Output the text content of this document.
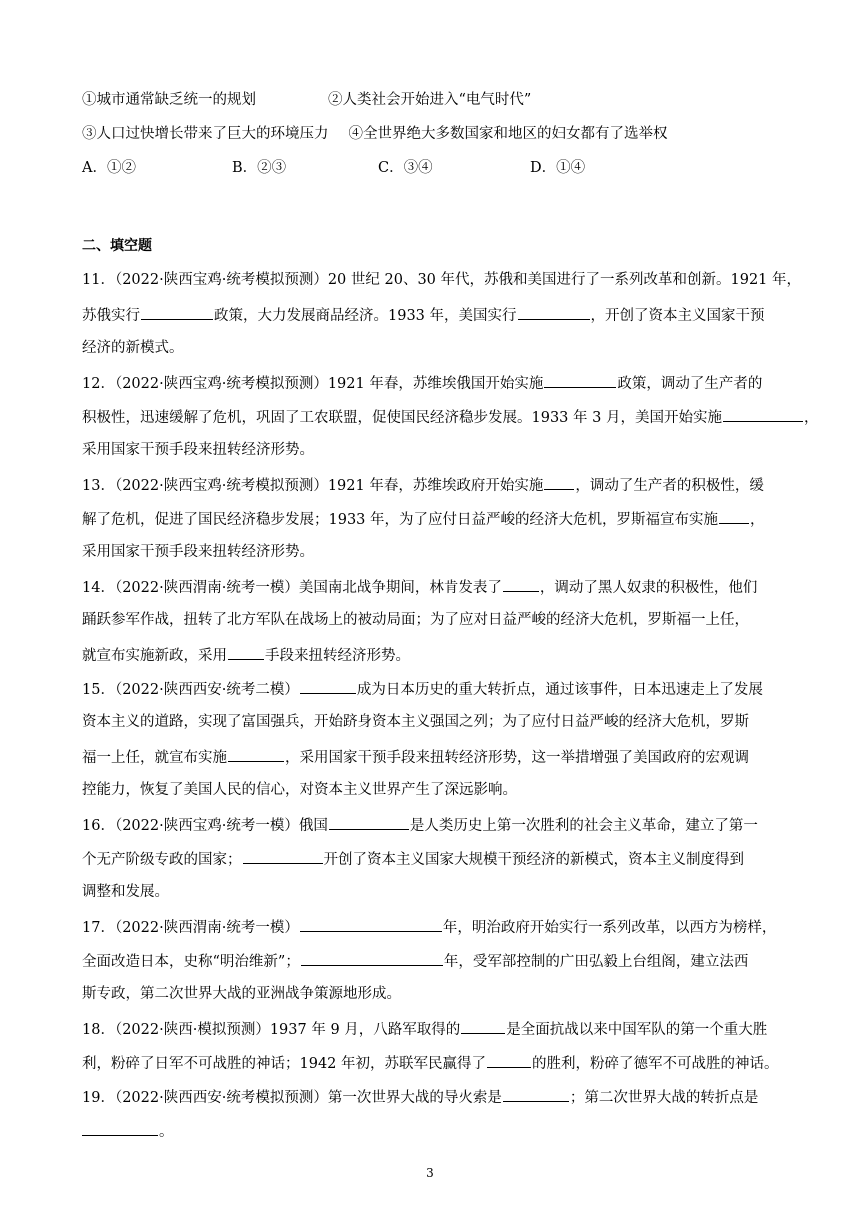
①城市通常缺乏统一的规划	②人类社会开始进入“电气时代”
③人口过快增长带来了巨大的环境压力 ④全世界绝大多数国家和地区的妇女都有了选举权
A．①②	B．②③	C．③④	D．①④
二、填空题
11．（2022·陕西宝鸡·统考模拟预测）20 世纪 20、30 年代，苏俄和美国进行了一系列改革和创新。1921 年，
苏俄实行	政策，大力发展商品经济。1933 年，美国实行	，开创了资本主义国家干预
经济的新模式。
12．（2022·陕西宝鸡·统考模拟预测）1921 年春，苏维埃俄国开始实施	政策，调动了生产者的
积极性，迅速缓解了危机，巩固了工农联盟，促使国民经济稳步发展。1933 年 3 月，美国开始实施	，
采用国家干预手段来扭转经济形势。
13．（2022·陕西宝鸡·统考模拟预测）1921 年春，苏维埃政府开始实施 ，调动了生产者的积极性，缓
解了危机，促进了国民经济稳步发展；1933 年，为了应付日益严峻的经济大危机，罗斯福宣布实施 ，
采用国家干预手段来扭转经济形势。
14．（2022·陕西渭南·统考一模）美国南北战争期间，林肯发表了	，调动了黑人奴隶的积极性，他们
踊跃参军作战，扭转了北方军队在战场上的被动局面；为了应对日益严峻的经济大危机，罗斯福一上任，
就宣布实施新政，采用	手段来扭转经济形势。
15．（2022·陕西西安·统考二模）	成为日本历史的重大转折点，通过该事件，日本迅速走上了发展
资本主义的道路，实现了富国强兵，开始跻身资本主义强国之列；为了应付日益严峻的经济大危机，罗斯
福一上任，就宣布实施	，采用国家干预手段来扭转经济形势，这一举措增强了美国政府的宏观调
控能力，恢复了美国人民的信心，对资本主义世界产生了深远影响。
16．（2022·陕西宝鸡·统考一模）俄国	是人类历史上第一次胜利的社会主义革命，建立了第一
个无产阶级专政的国家；	开创了资本主义国家大规模干预经济的新模式，资本主义制度得到
调整和发展。
17．（2022·陕西渭南·统考一模）	年，明治政府开始实行一系列改革，以西方为榜样，
全面改造日本，史称“明治维新”；	年，受军部控制的广田弘毅上台组阁，建立法西
斯专政，第二次世界大战的亚洲战争策源地形成。
18．（2022·陕西·模拟预测）1937 年 9 月，八路军取得的	是全面抗战以来中国军队的第一个重大胜
利，粉碎了日军不可战胜的神话；1942 年初，苏联军民赢得了	的胜利，粉碎了德军不可战胜的神话。
19．（2022·陕西西安·统考模拟预测）第一次世界大战的导火索是	；第二次世界大战的转折点是
。
3
